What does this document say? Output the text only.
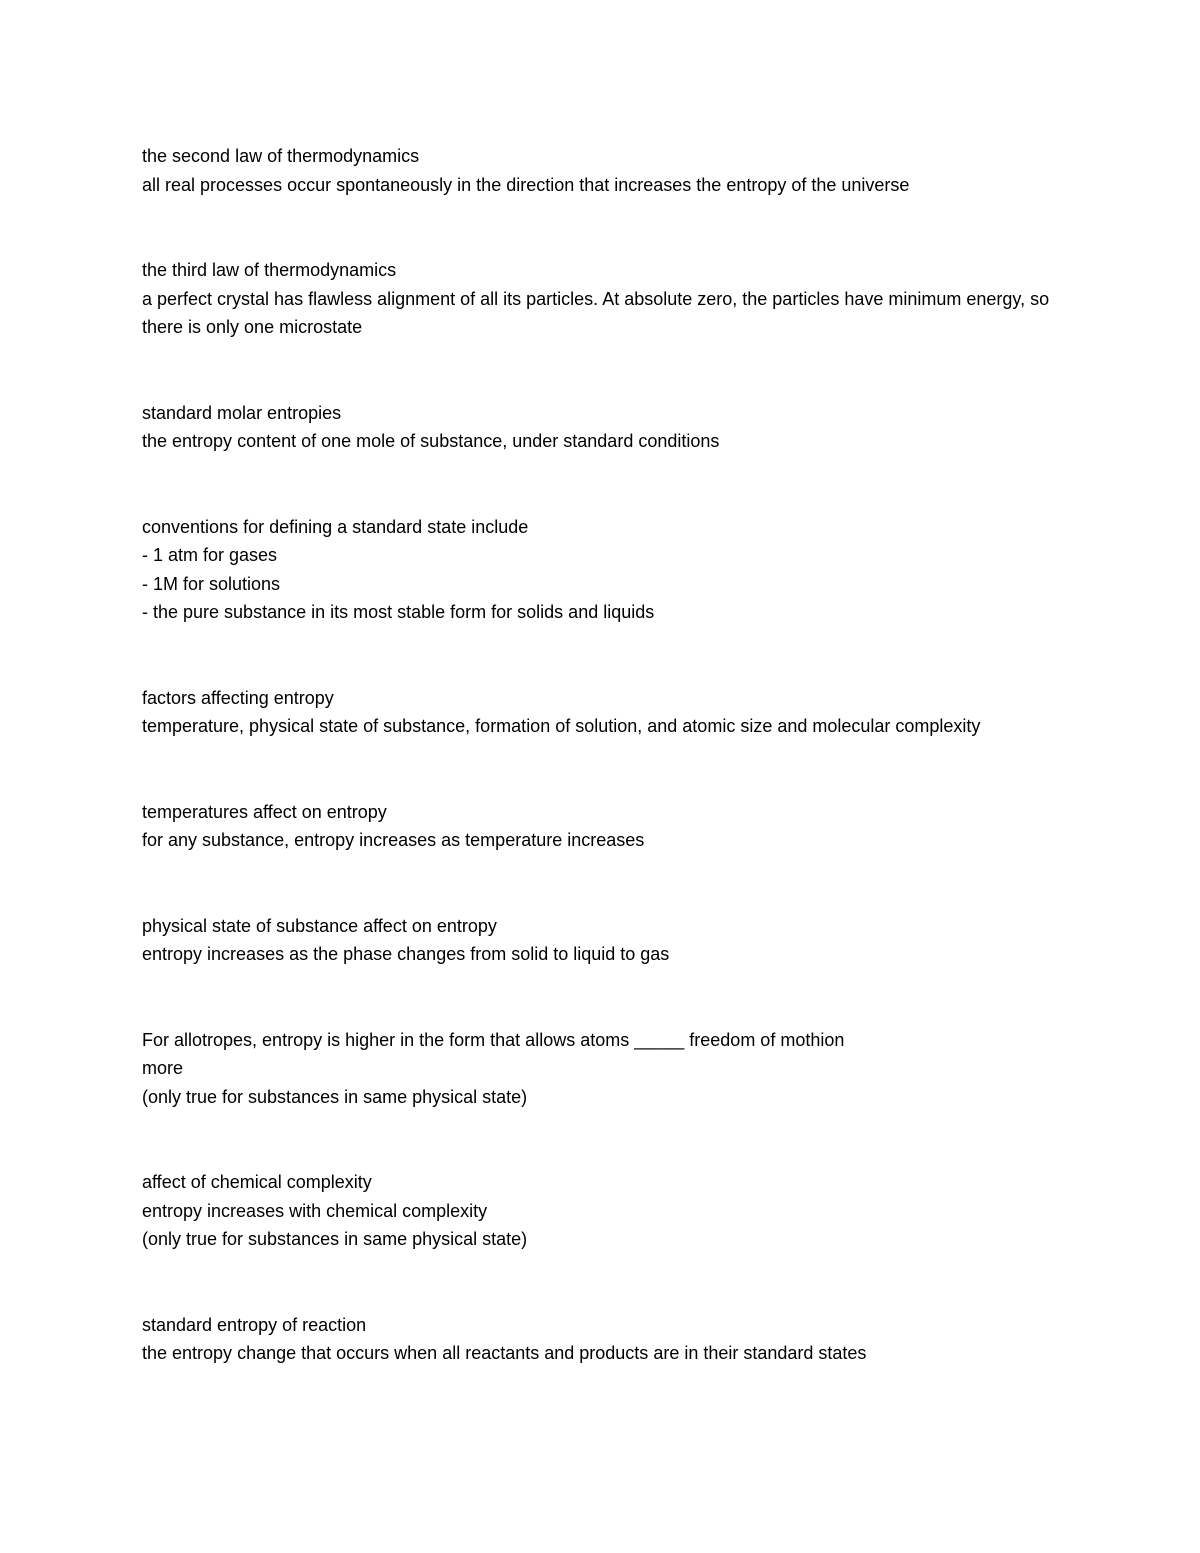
the second law of thermodynamics

all real processes occur spontaneously in the direction that increases the entropy of the universe

the third law of thermodynamics

a perfect crystal has flawless alignment of all its particles. At absolute zero, the particles have minimum energy, so there is only one microstate

standard molar entropies

the entropy content of one mole of substance, under standard conditions

conventions for defining a standard state include

- 1 atm for gases

- 1M for solutions

- the pure substance in its most stable form for solids and liquids

factors affecting entropy

temperature, physical state of substance, formation of solution, and atomic size and molecular complexity

temperatures affect on entropy

for any substance, entropy increases as temperature increases

physical state of substance affect on entropy

entropy increases as the phase changes from solid to liquid to gas

For allotropes, entropy is higher in the form that allows atoms _____ freedom of mothion

more

(only true for substances in same physical state)

affect of chemical complexity

entropy increases with chemical complexity

(only true for substances in same physical state)

standard entropy of reaction

the entropy change that occurs when all reactants and products are in their standard states
